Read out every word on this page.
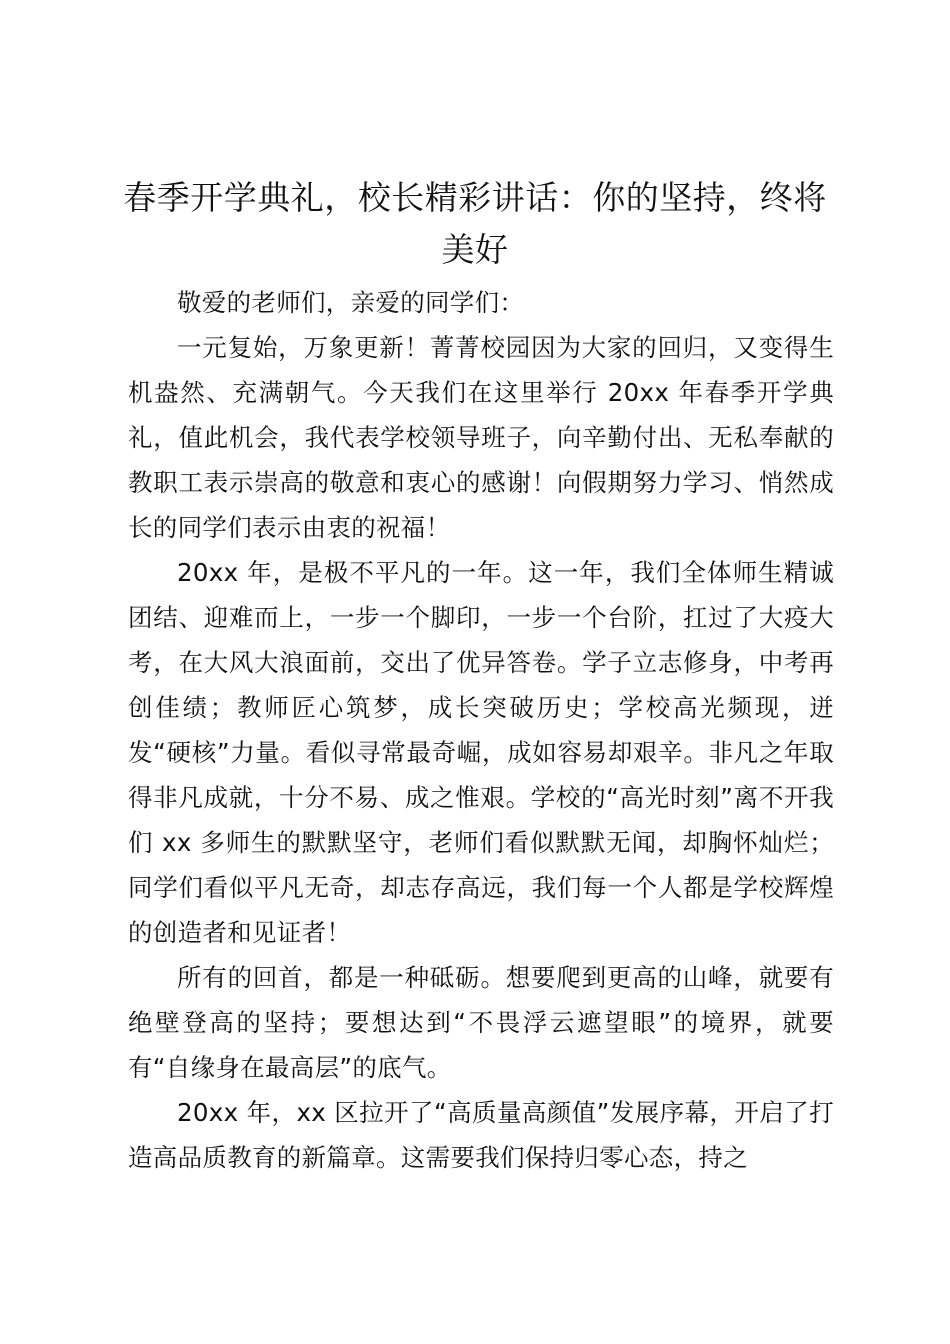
春季开学典礼，校长精彩讲话：你的坚持，终将美好

敬爱的老师们，亲爱的同学们：

一元复始，万象更新！菁菁校园因为大家的回归，又变得生机盎然、充满朝气。今天我们在这里举行 20xx 年春季开学典礼，值此机会，我代表学校领导班子，向辛勤付出、无私奉献的教职工表示崇高的敬意和衷心的感谢！向假期努力学习、悄然成长的同学们表示由衷的祝福！

20xx 年，是极不平凡的一年。这一年，我们全体师生精诚团结、迎难而上，一步一个脚印，一步一个台阶，扛过了大疫大考，在大风大浪面前，交出了优异答卷。学子立志修身，中考再创佳绩；教师匠心筑梦，成长突破历史；学校高光频现，迸发“硬核”力量。看似寻常最奇崛，成如容易却艰辛。非凡之年取得非凡成就，十分不易、成之惟艰。学校的“高光时刻”离不开我们 xx 多师生的默默坚守，老师们看似默默无闻，却胸怀灿烂；同学们看似平凡无奇，却志存高远，我们每一个人都是学校辉煌的创造者和见证者！

所有的回首，都是一种砥砺。想要爬到更高的山峰，就要有绝壁登高的坚持；要想达到“不畏浮云遮望眼”的境界，就要有“自缘身在最高层”的底气。

20xx 年，xx 区拉开了“高质量高颜值”发展序幕，开启了打造高品质教育的新篇章。这需要我们保持归零心态，持之
